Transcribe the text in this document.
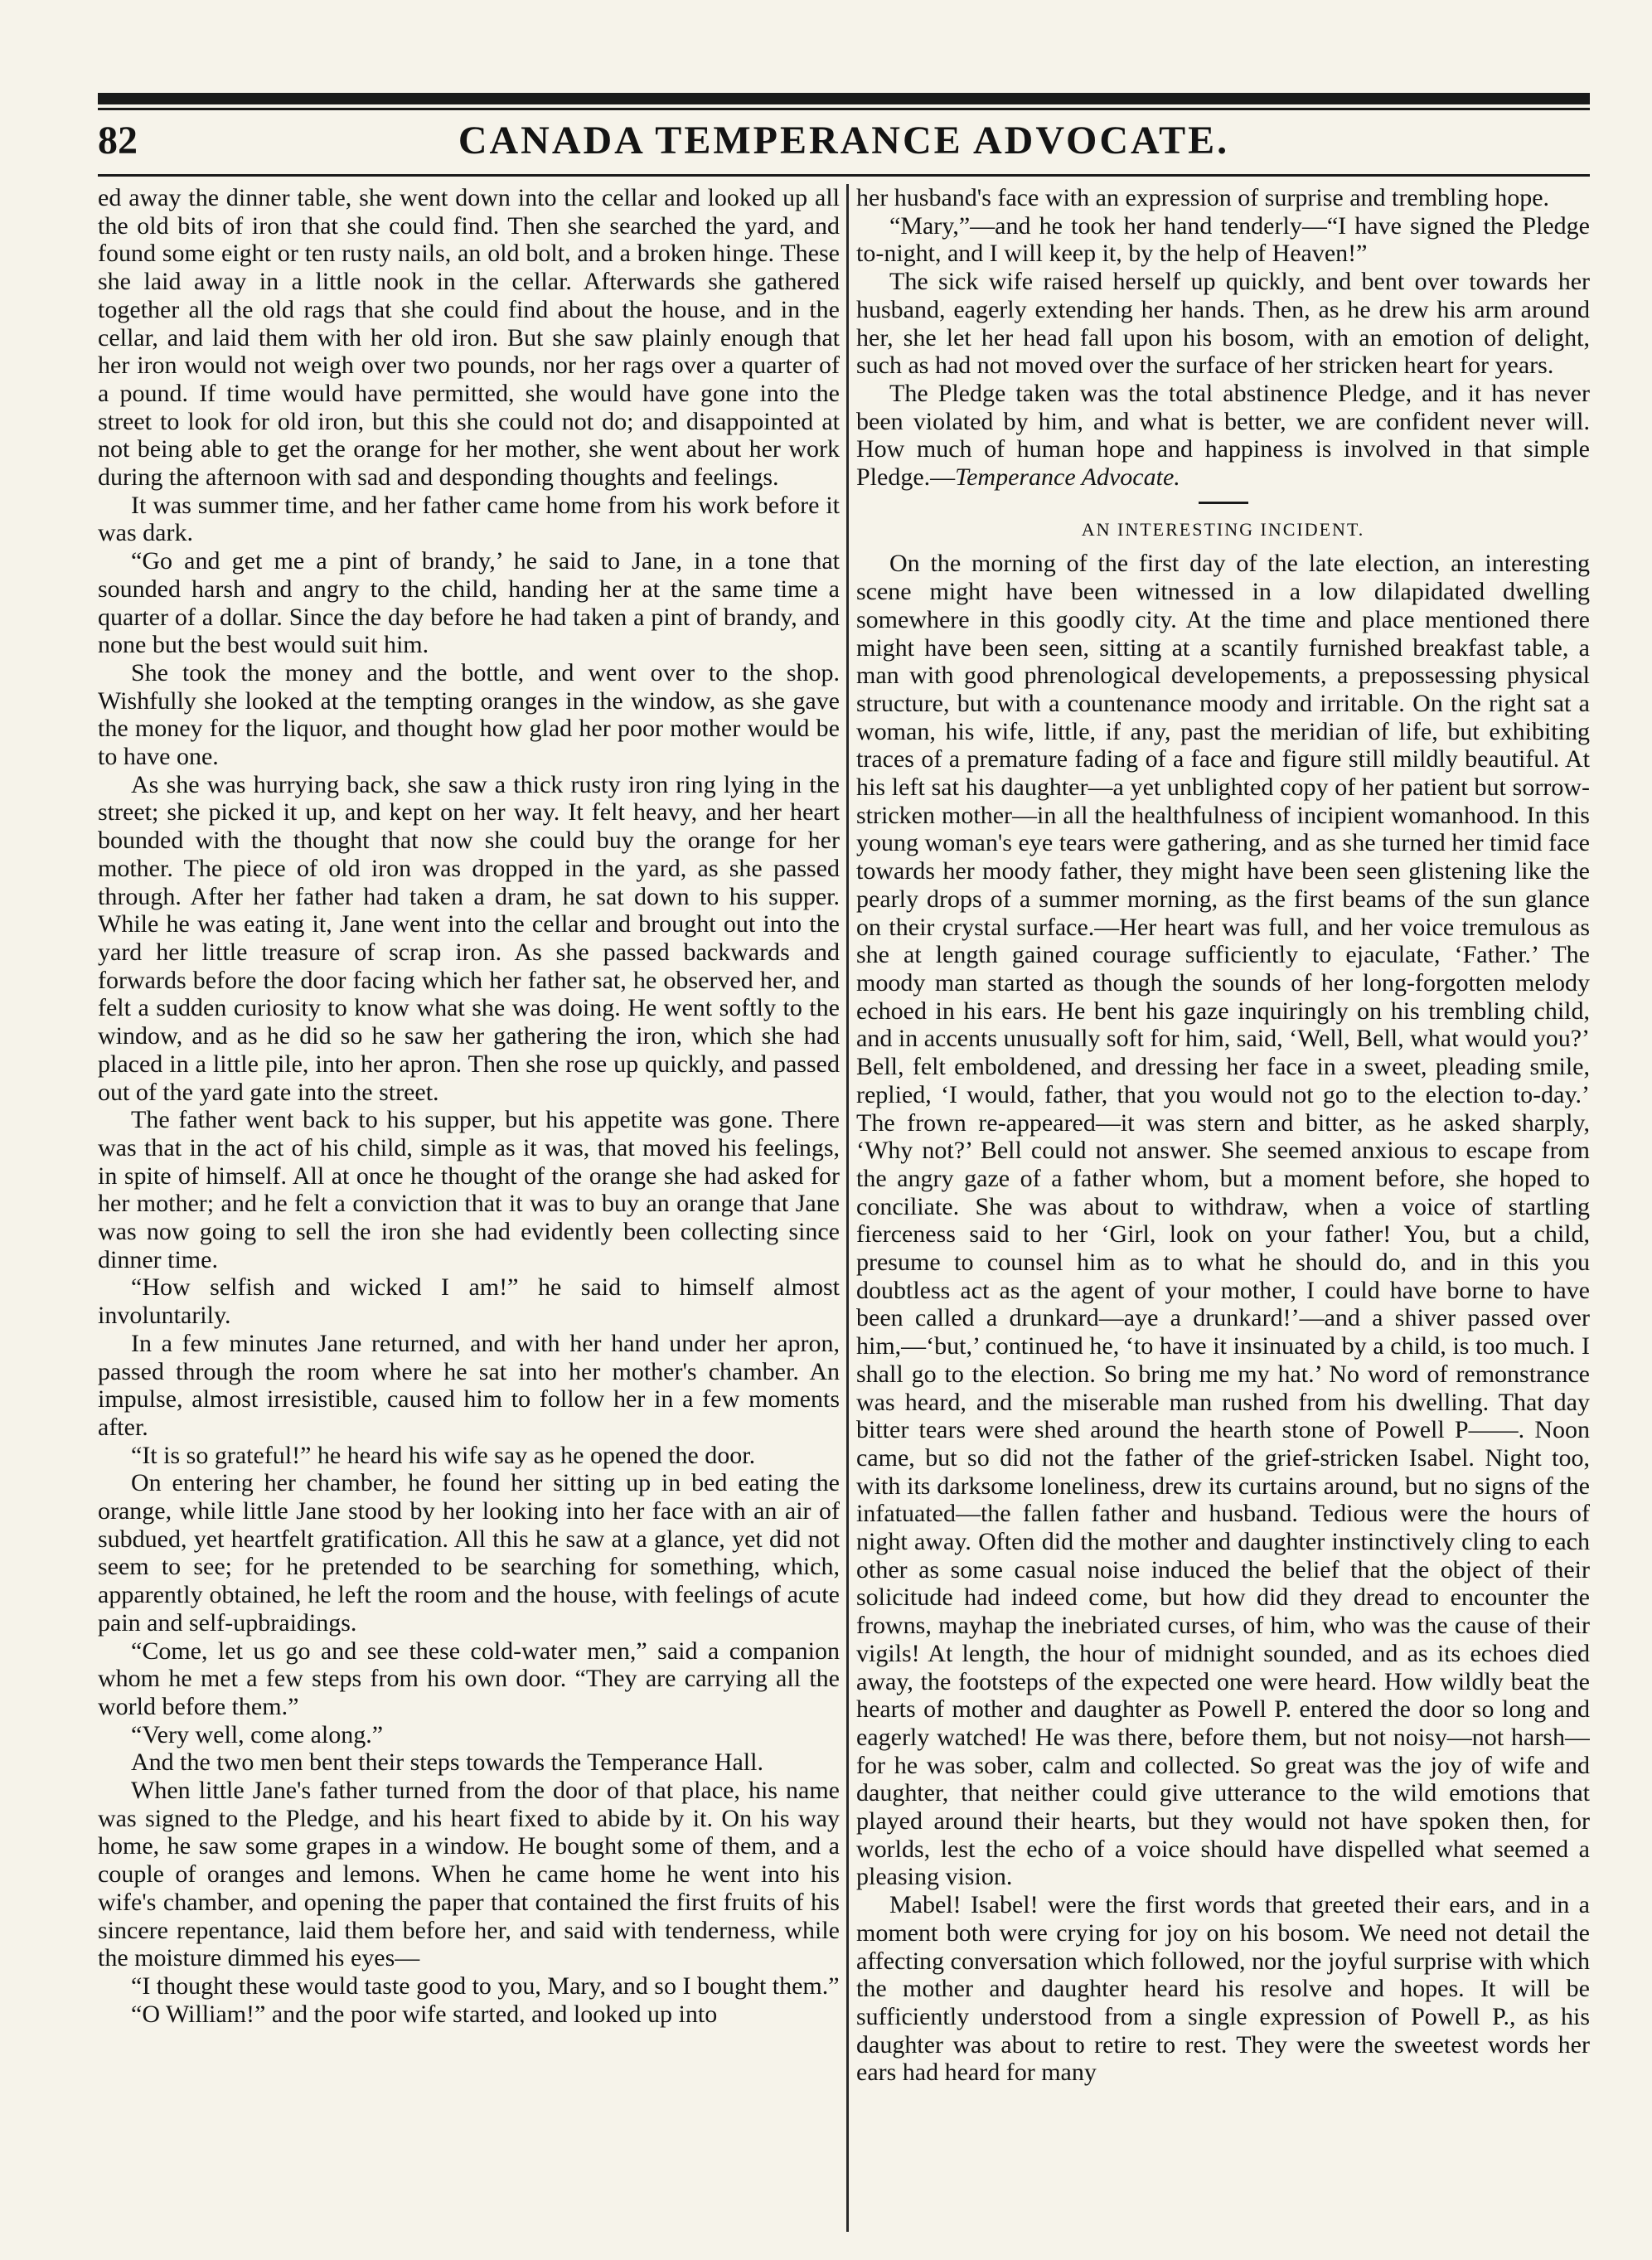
82	CANADA TEMPERANCE ADVOCATE.

ed away the dinner table, she went down into the cellar and looked up all the old bits of iron that she could find. Then she searched the yard, and found some eight or ten rusty nails, an old bolt, and a broken hinge. These she laid away in a little nook in the cellar. Afterwards she gathered together all the old rags that she could find about the house, and in the cellar, and laid them with her old iron. But she saw plainly enough that her iron would not weigh over two pounds, nor her rags over a quarter of a pound. If time would have permitted, she would have gone into the street to look for old iron, but this she could not do; and disappointed at not being able to get the orange for her mother, she went about her work during the afternoon with sad and desponding thoughts and feelings.

It was summer time, and her father came home from his work before it was dark.

“Go and get me a pint of brandy,’ he said to Jane, in a tone that sounded harsh and angry to the child, handing her at the same time a quarter of a dollar. Since the day before he had taken a pint of brandy, and none but the best would suit him.

She took the money and the bottle, and went over to the shop. Wishfully she looked at the tempting oranges in the window, as she gave the money for the liquor, and thought how glad her poor mother would be to have one.

As she was hurrying back, she saw a thick rusty iron ring lying in the street; she picked it up, and kept on her way. It felt heavy, and her heart bounded with the thought that now she could buy the orange for her mother. The piece of old iron was dropped in the yard, as she passed through. After her father had taken a dram, he sat down to his supper. While he was eating it, Jane went into the cellar and brought out into the yard her little treasure of scrap iron. As she passed backwards and forwards before the door facing which her father sat, he observed her, and felt a sudden curiosity to know what she was doing. He went softly to the window, and as he did so he saw her gathering the iron, which she had placed in a little pile, into her apron. Then she rose up quickly, and passed out of the yard gate into the street.

The father went back to his supper, but his appetite was gone. There was that in the act of his child, simple as it was, that moved his feelings, in spite of himself. All at once he thought of the orange she had asked for her mother; and he felt a conviction that it was to buy an orange that Jane was now going to sell the iron she had evidently been collecting since dinner time.

“How selfish and wicked I am!” he said to himself almost involuntarily.

In a few minutes Jane returned, and with her hand under her apron, passed through the room where he sat into her mother's chamber. An impulse, almost irresistible, caused him to follow her in a few moments after.

“It is so grateful!” he heard his wife say as he opened the door.

On entering her chamber, he found her sitting up in bed eating the orange, while little Jane stood by her looking into her face with an air of subdued, yet heartfelt gratification. All this he saw at a glance, yet did not seem to see; for he pretended to be searching for something, which, apparently obtained, he left the room and the house, with feelings of acute pain and self-upbraidings.

“Come, let us go and see these cold-water men,” said a companion whom he met a few steps from his own door. “They are carrying all the world before them.”

“Very well, come along.”

And the two men bent their steps towards the Temperance Hall.

When little Jane's father turned from the door of that place, his name was signed to the Pledge, and his heart fixed to abide by it. On his way home, he saw some grapes in a window. He bought some of them, and a couple of oranges and lemons. When he came home he went into his wife's chamber, and opening the paper that contained the first fruits of his sincere repentance, laid them before her, and said with tenderness, while the moisture dimmed his eyes—

“I thought these would taste good to you, Mary, and so I bought them.”

“O William!” and the poor wife started, and looked up into

her husband's face with an expression of surprise and trembling hope.

“Mary,”—and he took her hand tenderly—“I have signed the Pledge to-night, and I will keep it, by the help of Heaven!”

The sick wife raised herself up quickly, and bent over towards her husband, eagerly extending her hands. Then, as he drew his arm around her, she let her head fall upon his bosom, with an emotion of delight, such as had not moved over the surface of her stricken heart for years.

The Pledge taken was the total abstinence Pledge, and it has never been violated by him, and what is better, we are confident never will. How much of human hope and happiness is involved in that simple Pledge.—Temperance Advocate.

AN INTERESTING INCIDENT.

On the morning of the first day of the late election, an interesting scene might have been witnessed in a low dilapidated dwelling somewhere in this goodly city. At the time and place mentioned there might have been seen, sitting at a scantily furnished breakfast table, a man with good phrenological developements, a prepossessing physical structure, but with a countenance moody and irritable. On the right sat a woman, his wife, little, if any, past the meridian of life, but exhibiting traces of a premature fading of a face and figure still mildly beautiful. At his left sat his daughter—a yet unblighted copy of her patient but sorrow-stricken mother—in all the healthfulness of incipient womanhood. In this young woman's eye tears were gathering, and as she turned her timid face towards her moody father, they might have been seen glistening like the pearly drops of a summer morning, as the first beams of the sun glance on their crystal surface.—Her heart was full, and her voice tremulous as she at length gained courage sufficiently to ejaculate, ‘Father.’ The moody man started as though the sounds of her long-forgotten melody echoed in his ears. He bent his gaze inquiringly on his trembling child, and in accents unusually soft for him, said, ‘Well, Bell, what would you?’ Bell, felt emboldened, and dressing her face in a sweet, pleading smile, replied, ‘I would, father, that you would not go to the election to-day.’ The frown re-appeared—it was stern and bitter, as he asked sharply, ‘Why not?’ Bell could not answer. She seemed anxious to escape from the angry gaze of a father whom, but a moment before, she hoped to conciliate. She was about to withdraw, when a voice of startling fierceness said to her ‘Girl, look on your father! You, but a child, presume to counsel him as to what he should do, and in this you doubtless act as the agent of your mother, I could have borne to have been called a drunkard—aye a drunkard!’—and a shiver passed over him,—‘but,’ continued he, ‘to have it insinuated by a child, is too much. I shall go to the election. So bring me my hat.’ No word of remonstrance was heard, and the miserable man rushed from his dwelling. That day bitter tears were shed around the hearth stone of Powell P——. Noon came, but so did not the father of the grief-stricken Isabel. Night too, with its darksome loneliness, drew its curtains around, but no signs of the infatuated—the fallen father and husband. Tedious were the hours of night away. Often did the mother and daughter instinctively cling to each other as some casual noise induced the belief that the object of their solicitude had indeed come, but how did they dread to encounter the frowns, mayhap the inebriated curses, of him, who was the cause of their vigils! At length, the hour of midnight sounded, and as its echoes died away, the footsteps of the expected one were heard. How wildly beat the hearts of mother and daughter as Powell P. entered the door so long and eagerly watched! He was there, before them, but not noisy—not harsh—for he was sober, calm and collected. So great was the joy of wife and daughter, that neither could give utterance to the wild emotions that played around their hearts, but they would not have spoken then, for worlds, lest the echo of a voice should have dispelled what seemed a pleasing vision.

Mabel! Isabel! were the first words that greeted their ears, and in a moment both were crying for joy on his bosom. We need not detail the affecting conversation which followed, nor the joyful surprise with which the mother and daughter heard his resolve and hopes. It will be sufficiently understood from a single expression of Powell P., as his daughter was about to retire to rest. They were the sweetest words her ears had heard for many
